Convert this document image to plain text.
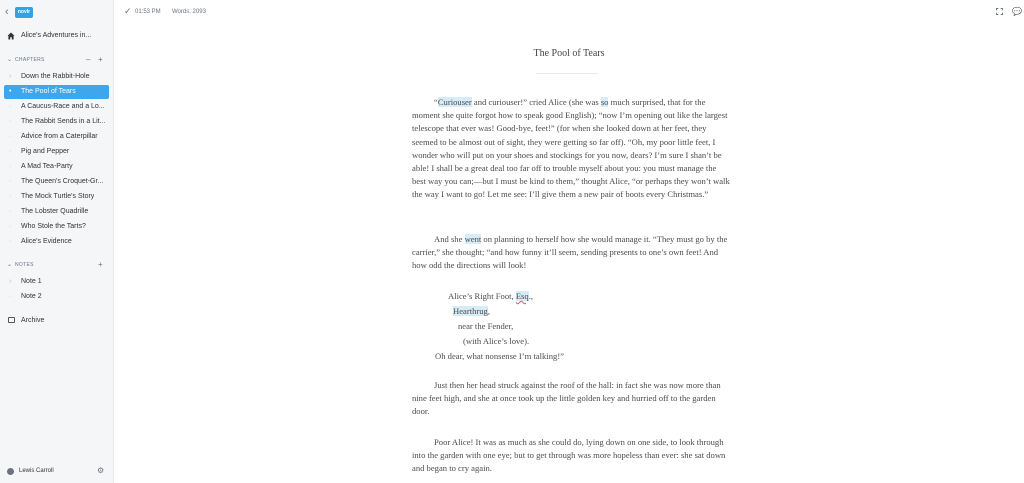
‹	novlr
Alice's Adventures in...
⌄ CHAPTERS	– +
› Down the Rabbit-Hole
• The Pool of Tears
· A Caucus-Race and a Lo...
· The Rabbit Sends in a Lit...
· Advice from a Caterpillar
· Pig and Pepper
· A Mad Tea-Party
· The Queen's Croquet-Gr...
· The Mock Turtle's Story
· The Lobster Quadrille
· Who Stole the Tarts?
· Alice's Evidence
⌄ NOTES	+
› Note 1
· Note 2
Archive
Lewis Carroll	⚙
✓ 01:53 PM Words: 2093	💬
The Pool of Tears

“Curiouser and curiouser!” cried Alice (she was so much surprised, that for the moment she quite forgot how to speak good English); “now I’m opening out like the largest telescope that ever was! Good-bye, feet!” (for when she looked down at her feet, they seemed to be almost out of sight, they were getting so far off). “Oh, my poor little feet, I wonder who will put on your shoes and stockings for you now, dears? I’m sure I shan’t be able! I shall be a great deal too far off to trouble myself about you: you must manage the best way you can;—but I must be kind to them,” thought Alice, “or perhaps they won’t walk the way I want to go! Let me see: I’ll give them a new pair of boots every Christmas.”

And she went on planning to herself how she would manage it. “They must go by the carrier,” she thought; “and how funny it’ll seem, sending presents to one’s own feet! And how odd the directions will look!

Alice’s Right Foot, Esq.,
Hearthrug,
near the Fender,
(with Alice’s love).
Oh dear, what nonsense I’m talking!”

Just then her head struck against the roof of the hall: in fact she was now more than nine feet high, and she at once took up the little golden key and hurried off to the garden door.

Poor Alice! It was as much as she could do, lying down on one side, to look through into the garden with one eye; but to get through was more hopeless than ever: she sat down and began to cry again.
